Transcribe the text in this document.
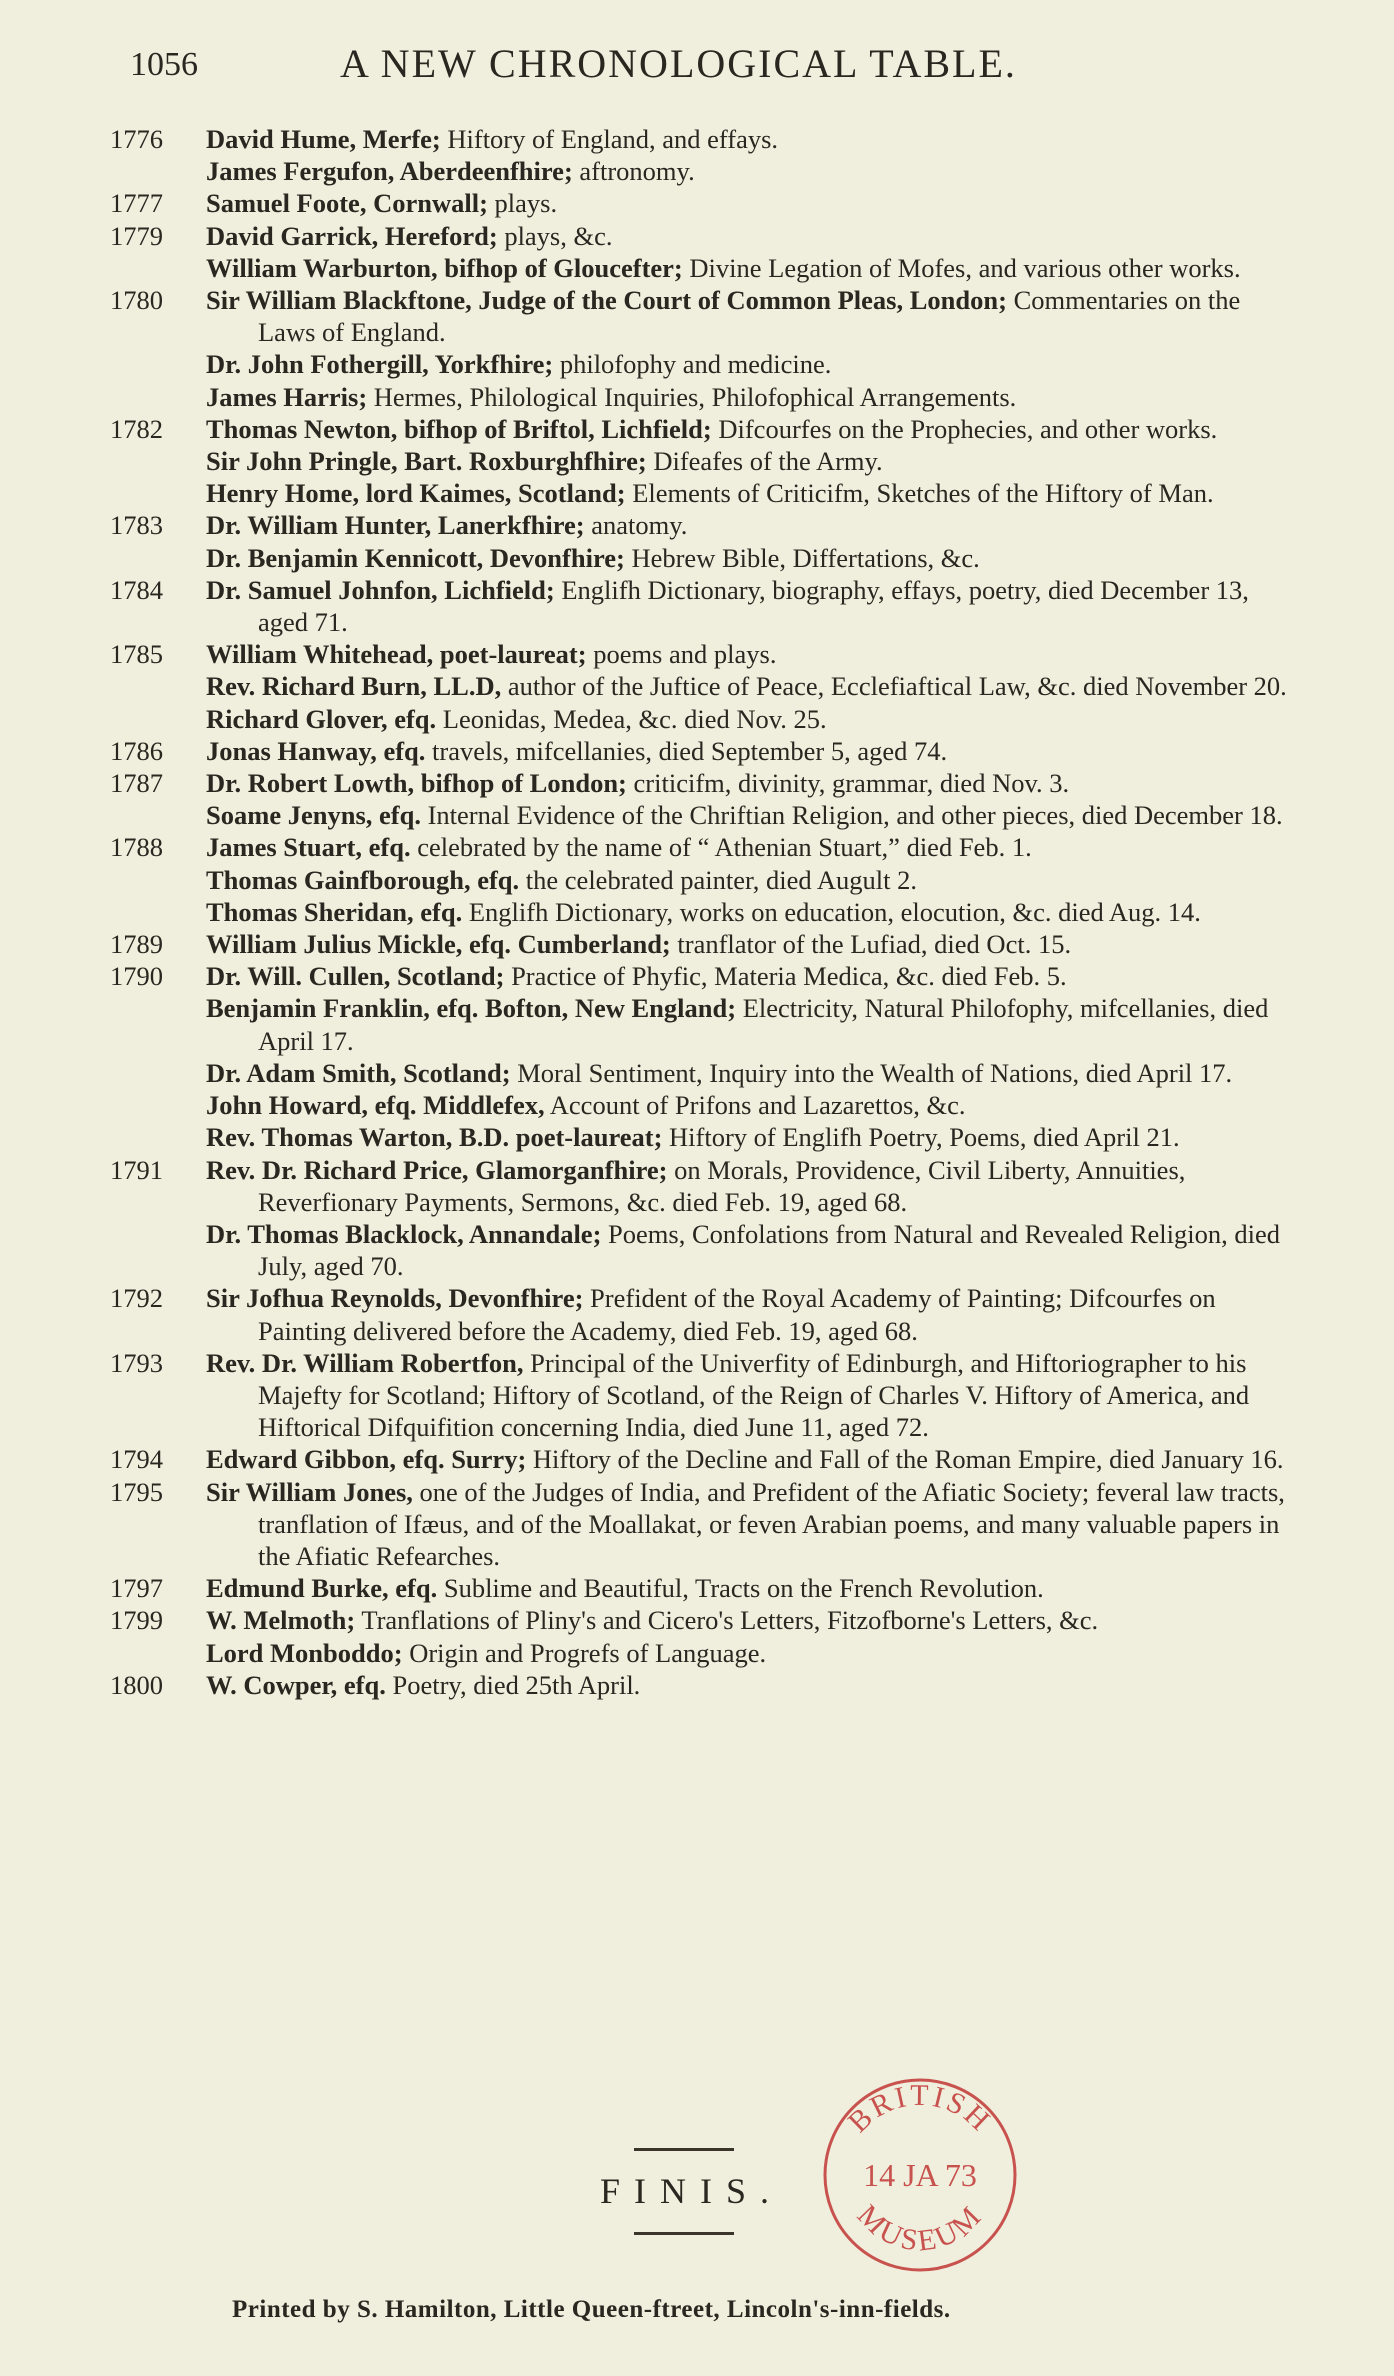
1056	A NEW CHRONOLOGICAL TABLE.
1776	David Hume, Merfe; Hiftory of England, and effays.
James Fergufon, Aberdeenfhire; aftronomy.
1777	Samuel Foote, Cornwall; plays.
1779	David Garrick, Hereford; plays, &c.
William Warburton, bifhop of Gloucefter; Divine Legation of Mofes, and various other works.
1780	Sir William Blackftone, Judge of the Court of Common Pleas, London; Commentaries on the Laws of England.
Dr. John Fothergill, Yorkfhire; philofophy and medicine.
James Harris; Hermes, Philological Inquiries, Philofophical Arrangements.
1782	Thomas Newton, bifhop of Briftol, Lichfield; Difcourfes on the Prophecies, and other works.
Sir John Pringle, Bart. Roxburghfhire; Difeafes of the Army.
Henry Home, lord Kaimes, Scotland; Elements of Criticifm, Sketches of the Hiftory of Man.
1783	Dr. William Hunter, Lanerkfhire; anatomy.
Dr. Benjamin Kennicott, Devonfhire; Hebrew Bible, Differtations, &c.
1784	Dr. Samuel Johnfon, Lichfield; Englifh Dictionary, biography, effays, poetry, died December 13, aged 71.
1785	William Whitehead, poet-laureat; poems and plays.
Rev. Richard Burn, LL.D, author of the Juftice of Peace, Ecclefiaftical Law, &c. died November 20.
Richard Glover, efq. Leonidas, Medea, &c. died Nov. 25.
1786	Jonas Hanway, efq. travels, mifcellanies, died September 5, aged 74.
1787	Dr. Robert Lowth, bifhop of London; criticifm, divinity, grammar, died Nov. 3.
Soame Jenyns, efq. Internal Evidence of the Chriftian Religion, and other pieces, died December 18.
1788	James Stuart, efq. celebrated by the name of “ Athenian Stuart,” died Feb. 1.
Thomas Gainfborough, efq. the celebrated painter, died Augult 2.
Thomas Sheridan, efq. Englifh Dictionary, works on education, elocution, &c. died Aug. 14.
1789	William Julius Mickle, efq. Cumberland; tranflator of the Lufiad, died Oct. 15.
1790	Dr. Will. Cullen, Scotland; Practice of Phyfic, Materia Medica, &c. died Feb. 5.
Benjamin Franklin, efq. Bofton, New England; Electricity, Natural Philofophy, mifcellanies, died April 17.
Dr. Adam Smith, Scotland; Moral Sentiment, Inquiry into the Wealth of Nations, died April 17.
John Howard, efq. Middlefex, Account of Prifons and Lazarettos, &c.
Rev. Thomas Warton, B.D. poet-laureat; Hiftory of Englifh Poetry, Poems, died April 21.
1791	Rev. Dr. Richard Price, Glamorganfhire; on Morals, Providence, Civil Liberty, Annuities, Reverfionary Payments, Sermons, &c. died Feb. 19, aged 68.
Dr. Thomas Blacklock, Annandale; Poems, Confolations from Natural and Revealed Religion, died July, aged 70.
1792	Sir Jofhua Reynolds, Devonfhire; Prefident of the Royal Academy of Painting; Difcourfes on Painting delivered before the Academy, died Feb. 19, aged 68.
1793	Rev. Dr. William Robertfon, Principal of the Univerfity of Edinburgh, and Hiftoriographer to his Majefty for Scotland; Hiftory of Scotland, of the Reign of Charles V. Hiftory of America, and Hiftorical Difquifition concerning India, died June 11, aged 72.
1794	Edward Gibbon, efq. Surry; Hiftory of the Decline and Fall of the Roman Empire, died January 16.
1795	Sir William Jones, one of the Judges of India, and Prefident of the Afiatic Society; feveral law tracts, tranflation of Ifæus, and of the Moallakat, or feven Arabian poems, and many valuable papers in the Afiatic Refearches.
1797	Edmund Burke, efq. Sublime and Beautiful, Tracts on the French Revolution.
1799	W. Melmoth; Tranflations of Pliny's and Cicero's Letters, Fitzofborne's Letters, &c.
Lord Monboddo; Origin and Progrefs of Language.
1800	W. Cowper, efq. Poetry, died 25th April.
FINIS.
BRITISH
14 JA 73
MUSEUM
Printed by S. Hamilton, Little Queen-ftreet, Lincoln's-inn-fields.
